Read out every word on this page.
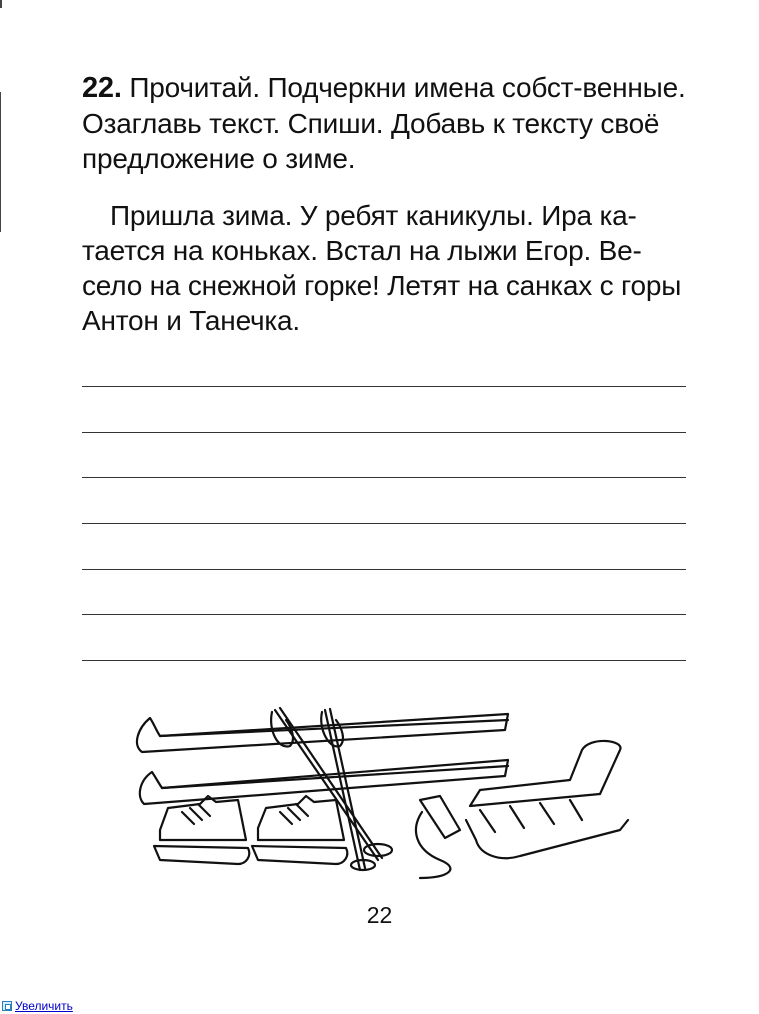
22. Прочитай. Подчеркни имена собст-венные. Озаглавь текст. Спиши. Добавь к тексту своё предложение о зиме.

Пришла зима. У ребят каникулы. Ира ка-тается на коньках. Встал на лыжи Егор. Ве-село на снежной горке! Летят на санках с горы Антон и Танечка.

22
Увеличить
